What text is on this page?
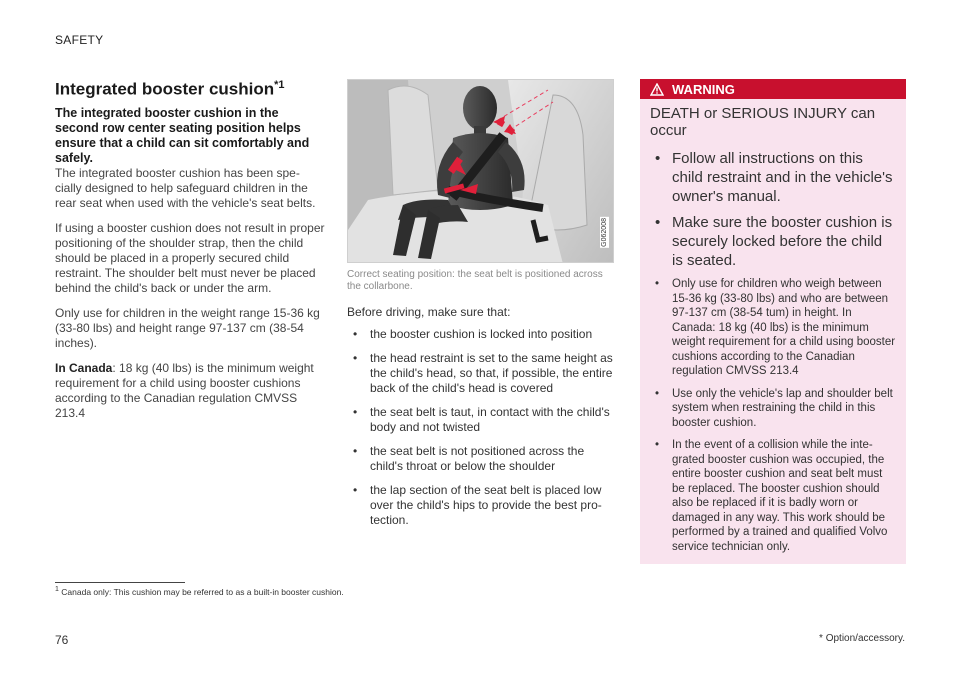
SAFETY
Integrated booster cushion$^{*1}$

The integrated booster cushion in the second row center seating position helps ensure that a child can sit comfortably and safely.

The integrated booster cushion has been spe-cially designed to help safeguard children in the rear seat when used with the vehicle's seat belts.

If using a booster cushion does not result in proper positioning of the shoulder strap, then the child should be placed in a properly secured child restraint. The shoulder belt must never be placed behind the child's back or under the arm.

Only use for children in the weight range 15-36 kg (33-80 lbs) and height range 97-137 cm (38-54 inches).

In Canada: 18 kg (40 lbs) is the minimum weight requirement for a child using booster cushions according to the Canadian regulation CMVSS 213.4

G062008

Correct seating position: the seat belt is positioned across the collarbone.

Before driving, make sure that:

• the booster cushion is locked into position
• the head restraint is set to the same height as the child's head, so that, if possible, the entire back of the child's head is covered
• the seat belt is taut, in contact with the child's body and not twisted
• the seat belt is not positioned across the child's throat or below the shoulder
• the lap section of the seat belt is placed low over the child's hips to provide the best pro-tection.
WARNING

DEATH or SERIOUS INJURY can occur

• Follow all instructions on this child restraint and in the vehicle's owner's manual.
• Make sure the booster cushion is securely locked before the child is seated.
• Only use for children who weigh between 15-36 kg (33-80 lbs) and who are between 97-137 cm (38-54 tum) in height. In Canada: 18 kg (40 lbs) is the minimum weight requirement for a child using booster cushions according to the Canadian regulation CMVSS 213.4
• Use only the vehicle's lap and shoulder belt system when restraining the child in this booster cushion.
• In the event of a collision while the inte-grated booster cushion was occupied, the entire booster cushion and seat belt must be replaced. The booster cushion should also be replaced if it is badly worn or damaged in any way. This work should be performed by a trained and qualified Volvo service technician only.
$^1$ Canada only: This cushion may be referred to as a built-in booster cushion.
76	* Option/accessory.
